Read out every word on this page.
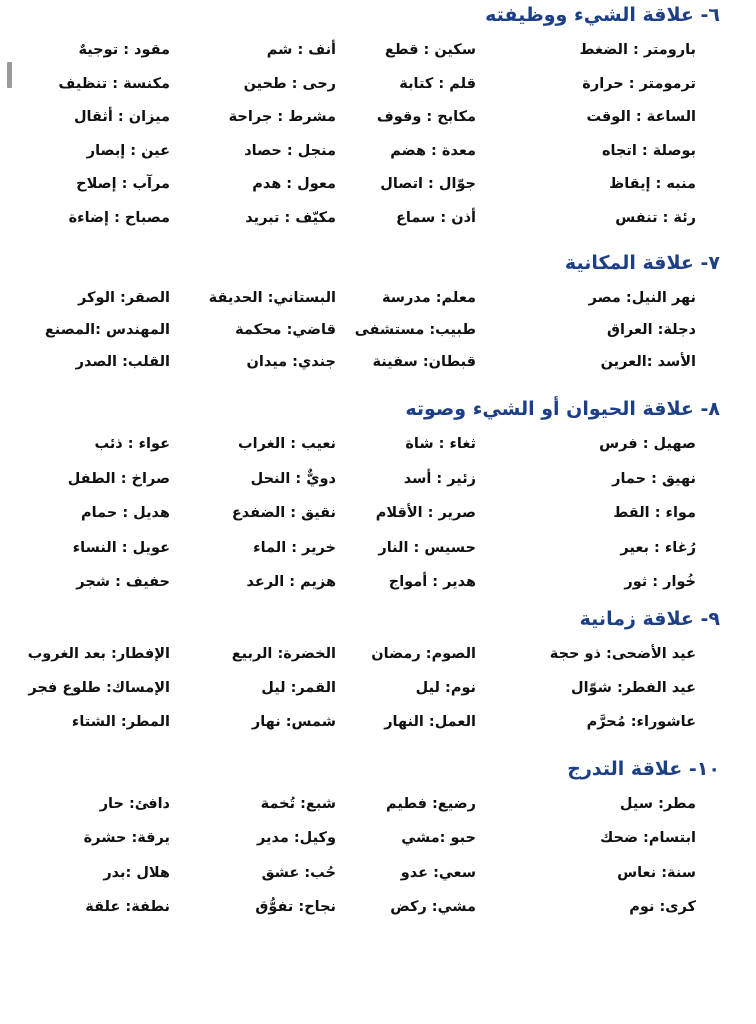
٦- علاقة الشيء ووظيفته
بارومتر : الضغط
سكين : قطع
أنف : شم
مقود : توجيهٌ
ترمومتر : حرارة
قلم : كتابة
رحى : طحين
مكنسة : تنظيف
الساعة : الوقت
مكابح : وقوف
مشرط : جراحة
ميزان : أثقال
بوصلة : اتجاه
معدة : هضم
منجل : حصاد
عين : إبصار
منبه : إيقاظ
جوّال : اتصال
معول : هدم
مرآب : إصلاح
رئة : تنفس
أذن : سماع
مكيّف : تبريد
مصباح : إضاءة
٧- علاقة المكانية
نهر النيل: مصر
معلم: مدرسة
البستاني: الحديقة
الصقر: الوكر
دجلة: العراق
طبيب: مستشفى
قاضي: محكمة
المهندس :المصنع
الأسد :العرين
قبطان: سفينة
جندي: ميدان
القلب: الصدر
٨- علاقة الحيوان أو الشيء وصوته
صهيل : فرس
ثغاء : شاة
نعيب : الغراب
عواء : ذئب
نهيق : حمار
زئير : أسد
دويٌّ : النحل
صراخ : الطفل
مواء : القط
صرير : الأقلام
نقيق : الضفدع
هديل : حمام
رُغاء : بعير
حسيس : النار
خرير : الماء
عويل : النساء
خُوار : ثور
هدير : أمواج
هزيم : الرعد
حفيف : شجر
٩- علاقة زمانية
عيد الأضحى: ذو حجة
الصوم: رمضان
الخضرة: الربيع
الإفطار: بعد الغروب
عيد الفطر: شوّال
نوم: ليل
القمر: ليل
الإمساك: طلوع فجر
عاشوراء: مُحرَّم
العمل: النهار
شمس: نهار
المطر: الشتاء
١٠- علاقة التدرج
مطر: سيل
رضيع: فطيم
شبع: تُخمة
دافئ: حار
ابتسام: ضحك
حبو :مشي
وكيل: مدير
يرقة: حشرة
سنة: نعاس
سعي: عدو
حُب: عشق
هلال :بدر
كرى: نوم
مشي: ركض
نجاح: تفوُّق
نطفة: علقة
